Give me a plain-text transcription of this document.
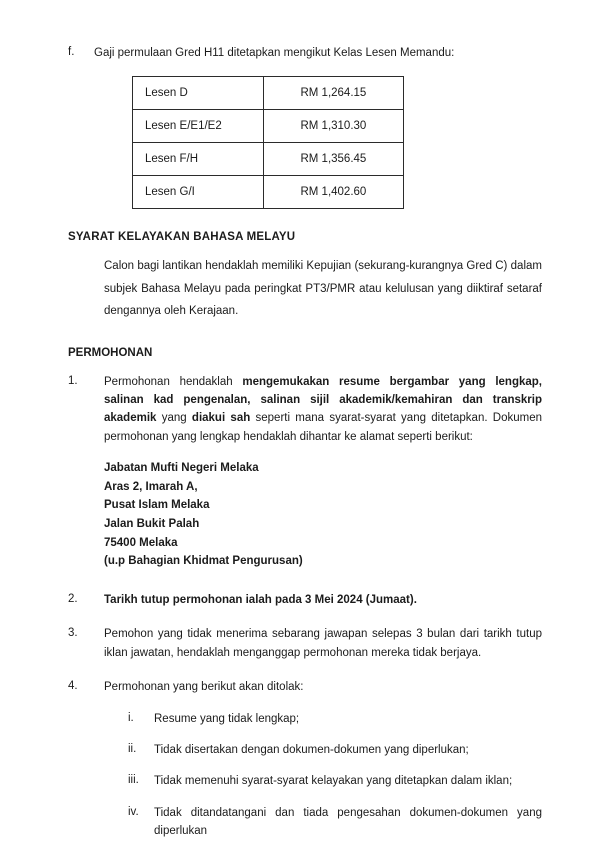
f.	Gaji permulaan Gred H11 ditetapkan mengikut Kelas Lesen Memandu:
Lesen D	RM 1,264.15
Lesen E/E1/E2	RM 1,310.30
Lesen F/H	RM 1,356.45
Lesen G/I	RM 1,402.60
SYARAT KELAYAKAN BAHASA MELAYU

Calon bagi lantikan hendaklah memiliki Kepujian (sekurang-kurangnya Gred C) dalam subjek Bahasa Melayu pada peringkat PT3/PMR atau kelulusan yang diiktiraf setaraf dengannya oleh Kerajaan.

PERMOHONAN
1.	Permohonan hendaklah mengemukakan resume bergambar yang lengkap, salinan kad pengenalan, salinan sijil akademik/kemahiran dan transkrip akademik yang diakui sah seperti mana syarat-syarat yang ditetapkan. Dokumen permohonan yang lengkap hendaklah dihantar ke alamat seperti berikut:
Jabatan Mufti Negeri Melaka
Aras 2, Imarah A,
Pusat Islam Melaka
Jalan Bukit Palah
75400 Melaka
(u.p Bahagian Khidmat Pengurusan)
2.	Tarikh tutup permohonan ialah pada 3 Mei 2024 (Jumaat).
3.	Pemohon yang tidak menerima sebarang jawapan selepas 3 bulan dari tarikh tutup iklan jawatan, hendaklah menganggap permohonan mereka tidak berjaya.
4.	Permohonan yang berikut akan ditolak:
i.	Resume yang tidak lengkap;
ii.	Tidak disertakan dengan dokumen-dokumen yang diperlukan;
iii.	Tidak memenuhi syarat-syarat kelayakan yang ditetapkan dalam iklan;
iv.	Tidak ditandatangani dan tiada pengesahan dokumen-dokumen yang diperlukan
